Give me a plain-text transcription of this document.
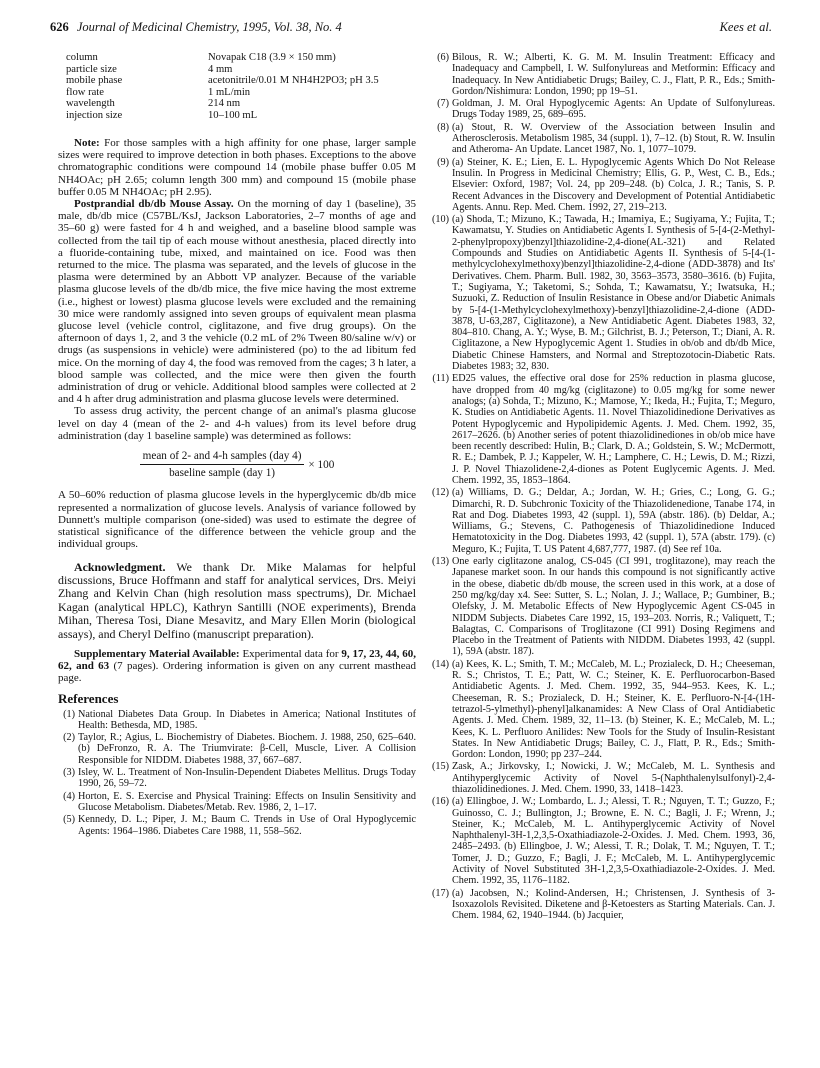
626 Journal of Medicinal Chemistry, 1995, Vol. 38, No. 4	Kees et al.
column	Novapak C18 (3.9 × 150 mm)
particle size	4 mm
mobile phase	acetonitrile/0.01 M NH4H2PO3; pH 3.5
flow rate	1 mL/min
wavelength	214 nm
injection size	10–100 mL

Note: For those samples with a high affinity for one phase, larger sample sizes were required to improve detection in both phases. Exceptions to the above chromatographic conditions were compound 14 (mobile phase buffer 0.05 M NH4OAc; pH 2.65; column length 300 mm) and compound 15 (mobile phase buffer 0.05 M NH4OAc; pH 2.95).

Postprandial db/db Mouse Assay. On the morning of day 1 (baseline), 35 male, db/db mice (C57BL/KsJ, Jackson Laboratories, 2–7 months of age and 35–60 g) were fasted for 4 h and weighed, and a baseline blood sample was collected from the tail tip of each mouse without anesthesia, placed directly into a fluoride-containing tube, mixed, and maintained on ice. Food was then returned to the mice. The plasma was separated, and the levels of glucose in the plasma were determined by an Abbott VP analyzer. Because of the variable plasma glucose levels of the db/db mice, the five mice having the most extreme (i.e., highest or lowest) plasma glucose levels were excluded and the remaining 30 mice were randomly assigned into seven groups of equivalent mean plasma glucose level (vehicle control, ciglitazone, and five drug groups). On the afternoon of days 1, 2, and 3 the vehicle (0.2 mL of 2% Tween 80/saline w/v) or drugs (as suspensions in vehicle) were administered (po) to the ad libitum fed mice. On the morning of day 4, the food was removed from the cages; 3 h later, a blood sample was collected, and the mice were then given the fourth administration of drug or vehicle. Additional blood samples were collected at 2 and 4 h after drug administration and plasma glucose levels were determined.

To assess drug activity, the percent change of an animal's plasma glucose level on day 4 (mean of the 2- and 4-h values) from its level before drug administration (day 1 baseline sample) was determined as follows:

$\frac{\text{mean of 2- and 4-h samples (day 4)}}{\text{baseline sample (day 1)}} \times 100$

A 50–60% reduction of plasma glucose levels in the hyperglycemic db/db mice represented a normalization of glucose levels. Analysis of variance followed by Dunnett's multiple comparison (one-sided) was used to estimate the degree of statistical significance of the difference between the vehicle group and the individual groups.

Acknowledgment. We thank Dr. Mike Malamas for helpful discussions, Bruce Hoffmann and staff for analytical services, Drs. Meiyi Zhang and Kelvin Chan (high resolution mass spectrums), Dr. Michael Kagan (analytical HPLC), Kathryn Santilli (NOE experiments), Brenda Mihan, Theresa Tosi, Diane Mesavitz, and Mary Ellen Morin (biological assays), and Cheryl Delfino (manuscript preparation).

Supplementary Material Available: Experimental data for 9, 17, 23, 44, 60, 62, and 63 (7 pages). Ordering information is given on any current masthead page.

References
(1) National Diabetes Data Group. In Diabetes in America; National Institutes of Health: Bethesda, MD, 1985.
(2) Taylor, R.; Agius, L. Biochemistry of Diabetes. Biochem. J. 1988, 250, 625–640. (b) DeFronzo, R. A. The Triumvirate: β-Cell, Muscle, Liver. A Collision Responsible for NIDDM. Diabetes 1988, 37, 667–687.
(3) Isley, W. L. Treatment of Non-Insulin-Dependent Diabetes Mellitus. Drugs Today 1990, 26, 59–72.
(4) Horton, E. S. Exercise and Physical Training: Effects on Insulin Sensitivity and Glucose Metabolism. Diabetes/Metab. Rev. 1986, 2, 1–17.
(5) Kennedy, D. L.; Piper, J. M.; Baum C. Trends in Use of Oral Hypoglycemic Agents: 1964–1986. Diabetes Care 1988, 11, 558–562.
(6) Bilous, R. W.; Alberti, K. G. M. M. Insulin Treatment: Efficacy and Inadequacy and Campbell, I. W. Sulfonylureas and Metformin: Efficacy and Inadequacy. In New Antidiabetic Drugs; Bailey, C. J., Flatt, P. R., Eds.; Smith-Gordon/Nishimura: London, 1990; pp 19–51.
(7) Goldman, J. M. Oral Hypoglycemic Agents: An Update of Sulfonylureas. Drugs Today 1989, 25, 689–695.
(8) (a) Stout, R. W. Overview of the Association between Insulin and Atherosclerosis. Metabolism 1985, 34 (suppl. 1), 7–12. (b) Stout, R. W. Insulin and Atheroma- An Update. Lancet 1987, No. 1, 1077–1079.
(9) (a) Steiner, K. E.; Lien, E. L. Hypoglycemic Agents Which Do Not Release Insulin. In Progress in Medicinal Chemistry; Ellis, G. P., West, C. B., Eds.; Elsevier: Oxford, 1987; Vol. 24, pp 209–248. (b) Colca, J. R.; Tanis, S. P. Recent Advances in the Discovery and Development of Potential Antidiabetic Agents. Annu. Rep. Med. Chem. 1992, 27, 219–213.
(10) (a) Shoda, T.; Mizuno, K.; Tawada, H.; Imamiya, E.; Sugiyama, Y.; Fujita, T.; Kawamatsu, Y. Studies on Antidiabetic Agents I. Synthesis of 5-[4-(2-Methyl-2-phenylpropoxy)benzyl]thiazolidine-2,4-dione(AL-321) and Related Compounds and Studies on Antidiabetic Agents II. Synthesis of 5-[4-(1-methylcyclohexylmethoxy)benzyl]thiazolidine-2,4-dione (ADD-3878) and Its' Derivatives. Chem. Pharm. Bull. 1982, 30, 3563–3573, 3580–3616. (b) Fujita, T.; Sugiyama, Y.; Taketomi, S.; Sohda, T.; Kawamatsu, Y.; Iwatsuka, H.; Suzuoki, Z. Reduction of Insulin Resistance in Obese and/or Diabetic Animals by 5-[4-(1-Methylcyclohexylmethoxy)-benzyl]thiazolidine-2,4-dione (ADD-3878, U-63,287, Ciglitazone), a New Antidiabetic Agent. Diabetes 1983, 32, 804–810. Chang, A. Y.; Wyse, B. M.; Gilchrist, B. J.; Peterson, T.; Diani, A. R. Ciglitazone, a New Hypoglycemic Agent 1. Studies in ob/ob and db/db Mice, Diabetic Chinese Hamsters, and Normal and Streptozotocin-Diabetic Rats. Diabetes 1983; 32, 830.
(11) ED25 values, the effective oral dose for 25% reduction in plasma glucose, have dropped from 40 mg/kg (ciglitazone) to 0.05 mg/kg for some newer analogs; (a) Sohda, T.; Mizuno, K.; Mamose, Y.; Ikeda, H.; Fujita, T.; Meguro, K. Studies on Antidiabetic Agents. 11. Novel Thiazolidinedione Derivatives as Potent Hypoglycemic and Hypolipidemic Agents. J. Med. Chem. 1992, 35, 2617–2626. (b) Another series of potent thiazolidinediones in ob/ob mice have been recently described: Hulin, B.; Clark, D. A.; Goldstein, S. W.; McDermott, R. E.; Dambek, P. J.; Kappeler, W. H.; Lamphere, C. H.; Lewis, D. M.; Rizzi, J. P. Novel Thiazolidene-2,4-diones as Potent Euglycemic Agents. J. Med. Chem. 1992, 35, 1853–1864.
(12) (a) Williams, D. G.; Deldar, A.; Jordan, W. H.; Gries, C.; Long, G. G.; Dimarchi, R. D. Subchronic Toxicity of the Thiazolidenedione, Tanabe 174, in Rat and Dog. Diabetes 1993, 42 (suppl. 1), 59A (abstr. 186). (b) Deldar, A.; Williams, G.; Stevens, C. Pathogenesis of Thiazolidinedione Induced Hematotoxicity in the Dog. Diabetes 1993, 42 (suppl. 1), 57A (abstr. 179). (c) Meguro, K.; Fujita, T. US Patent 4,687,777, 1987. (d) See ref 10a.
(13) One early ciglitazone analog, CS-045 (CI 991, troglitazone), may reach the Japanese market soon. In our hands this compound is not significantly active in the obese, diabetic db/db mouse, the screen used in this work, at a dose of 250 mg/kg/day x4. See: Sutter, S. L.; Nolan, J. J.; Wallace, P.; Gumbiner, B.; Olefsky, J. M. Metabolic Effects of New Hypoglycemic Agent CS-045 in NIDDM Subjects. Diabetes Care 1992, 15, 193–203. Norris, R.; Valiquett, T.; Balagtas, C. Comparisons of Troglitazone (CI 991) Dosing Regimens and Placebo in the Treatment of Patients with NIDDM. Diabetes 1993, 42 (suppl. 1), 59A (abstr. 187).
(14) (a) Kees, K. L.; Smith, T. M.; McCaleb, M. L.; Prozialeck, D. H.; Cheeseman, R. S.; Christos, T. E.; Patt, W. C.; Steiner, K. E. Perfluorocarbon-Based Antidiabetic Agents. J. Med. Chem. 1992, 35, 944–953. Kees, K. L.; Cheeseman, R. S.; Prozialeck, D. H.; Steiner, K. E. Perfluoro-N-[4-(1H-tetrazol-5-ylmethyl)-phenyl]alkanamides: A New Class of Oral Antidiabetic Agents. J. Med. Chem. 1989, 32, 11–13. (b) Steiner, K. E.; McCaleb, M. L.; Kees, K. L. Perfluoro Anilides: New Tools for the Study of Insulin-Resistant States. In New Antidiabetic Drugs; Bailey, C. J., Flatt, P. R., Eds.; Smith-Gordon: London, 1990; pp 237–244.
(15) Zask, A.; Jirkovsky, I.; Nowicki, J. W.; McCaleb, M. L. Synthesis and Antihyperglycemic Activity of Novel 5-(Naphthalenylsulfonyl)-2,4-thiazolidinediones. J. Med. Chem. 1990, 33, 1418–1423.
(16) (a) Ellingboe, J. W.; Lombardo, L. J.; Alessi, T. R.; Nguyen, T. T.; Guzzo, F.; Guinosso, C. J.; Bullington, J.; Browne, E. N. C.; Bagli, J. F.; Wrenn, J.; Steiner, K.; McCaleb, M. L. Antihyperglycemic Activity of Novel Naphthalenyl-3H-1,2,3,5-Oxathiadiazole-2-Oxides. J. Med. Chem. 1993, 36, 2485–2493. (b) Ellingboe, J. W.; Alessi, T. R.; Dolak, T. M.; Nguyen, T. T.; Tomer, J. D.; Guzzo, F.; Bagli, J. F.; McCaleb, M. L. Antihyperglycemic Activity of Novel Substituted 3H-1,2,3,5-Oxathiadiazole-2-Oxides. J. Med. Chem. 1992, 35, 1176–1182.
(17) (a) Jacobsen, N.; Kolind-Andersen, H.; Christensen, J. Synthesis of 3-Isoxazolols Revisited. Diketene and β-Ketoesters as Starting Materials. Can. J. Chem. 1984, 62, 1940–1944. (b) Jacquier,
